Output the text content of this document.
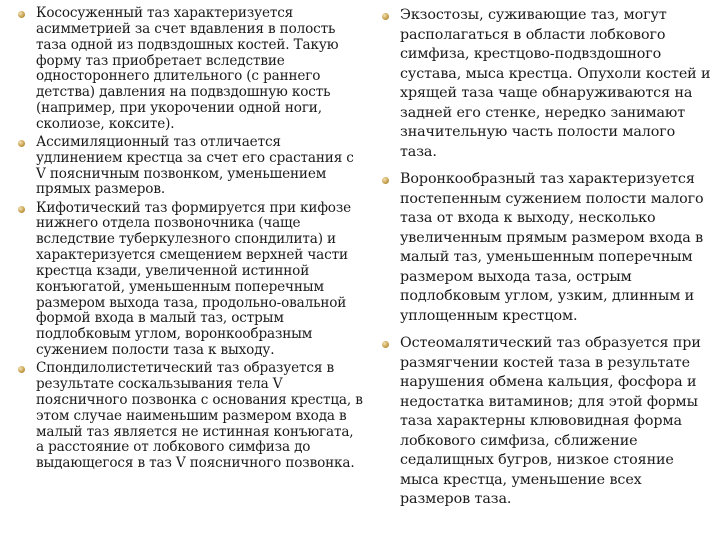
Кососуженный таз характеризуется асимметрией за счет вдавления в полость таза одной из подвздошных костей. Такую форму таз приобретает вследствие одностороннего длительного (с раннего детства) давления на подвздошную кость (например, при укорочении одной ноги, сколиозе, коксите).
Ассимиляционный таз отличается удлинением крестца за счет его срастания с V поясничным позвонком, уменьшением прямых размеров.
Кифотический таз формируется при кифозе нижнего отдела позвоночника (чаще вследствие туберкулезного спондилита) и характеризуется смещением верхней части крестца кзади, увеличенной истинной конъюгатой, уменьшенным поперечным размером выхода таза, продольно-овальной формой входа в малый таз, острым подлобковым углом, воронкообразным сужением полости таза к выходу.
Спондилолистетический таз образуется в результате соскальзывания тела V поясничного позвонка с основания крестца, в этом случае наименьшим размером входа в малый таз является не истинная конъюгата, а расстояние от лобкового симфиза до выдающегося в таз V поясничного позвонка.
Экзостозы, суживающие таз, могут располагаться в области лобкового симфиза, крестцово-подвздошного сустава, мыса крестца. Опухоли костей и хрящей таза чаще обнаруживаются на задней его стенке, нередко занимают значительную часть полости малого таза.
Воронкообразный таз характеризуется постепенным сужением полости малого таза от входа к выходу, несколько увеличенным прямым размером входа в малый таз, уменьшенным поперечным размером выхода таза, острым подлобковым углом, узким, длинным и уплощенным крестцом.
Остеомалятический таз образуется при размягчении костей таза в результате нарушения обмена кальция, фосфора и недостатка витаминов; для этой формы таза характерны клювовидная форма лобкового симфиза, сближение седалищных бугров, низкое стояние мыса крестца, уменьшение всех размеров таза.
